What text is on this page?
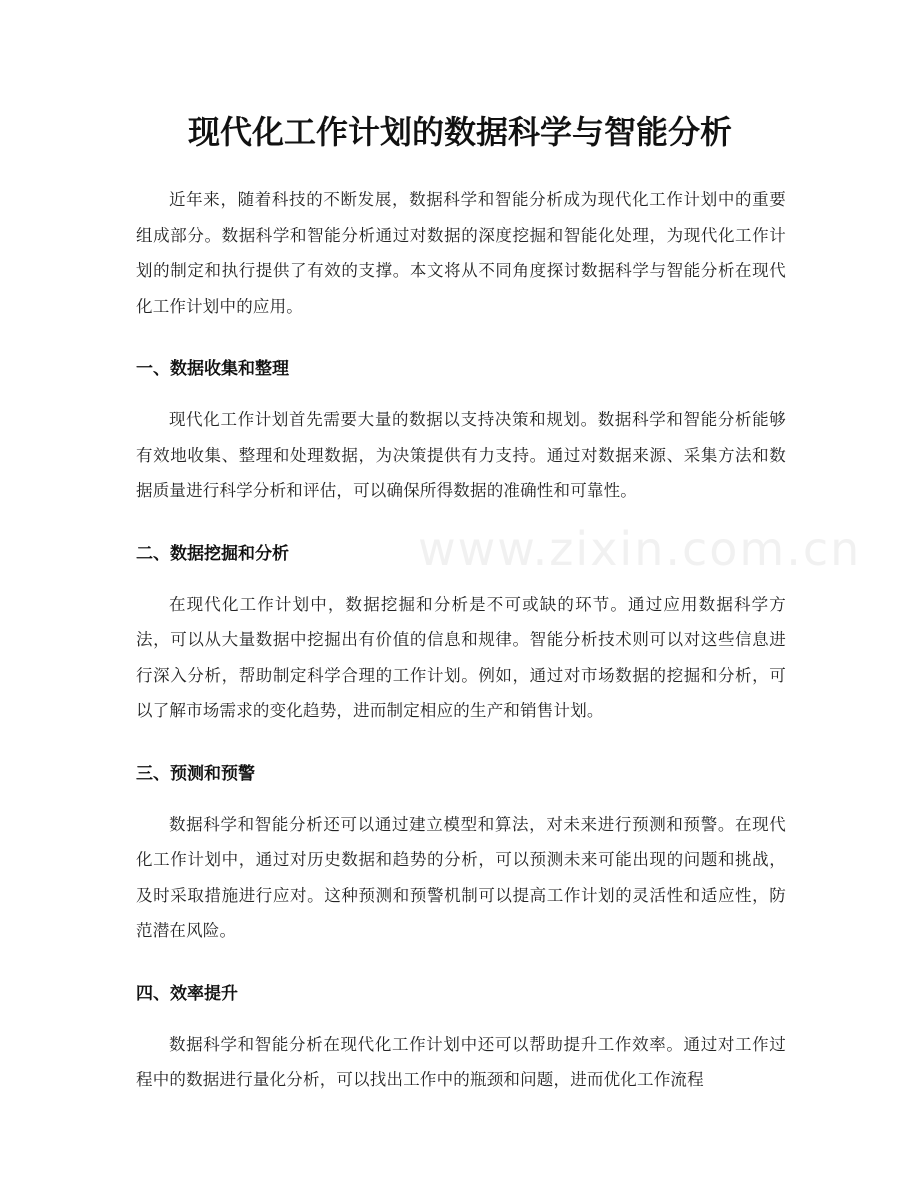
现代化工作计划的数据科学与智能分析

近年来，随着科技的不断发展，数据科学和智能分析成为现代化工作计划中的重要组成部分。数据科学和智能分析通过对数据的深度挖掘和智能化处理，为现代化工作计划的制定和执行提供了有效的支撑。本文将从不同角度探讨数据科学与智能分析在现代化工作计划中的应用。

一、数据收集和整理

现代化工作计划首先需要大量的数据以支持决策和规划。数据科学和智能分析能够有效地收集、整理和处理数据，为决策提供有力支持。通过对数据来源、采集方法和数据质量进行科学分析和评估，可以确保所得数据的准确性和可靠性。

二、数据挖掘和分析

在现代化工作计划中，数据挖掘和分析是不可或缺的环节。通过应用数据科学方法，可以从大量数据中挖掘出有价值的信息和规律。智能分析技术则可以对这些信息进行深入分析，帮助制定科学合理的工作计划。例如，通过对市场数据的挖掘和分析，可以了解市场需求的变化趋势，进而制定相应的生产和销售计划。

三、预测和预警

数据科学和智能分析还可以通过建立模型和算法，对未来进行预测和预警。在现代化工作计划中，通过对历史数据和趋势的分析，可以预测未来可能出现的问题和挑战，及时采取措施进行应对。这种预测和预警机制可以提高工作计划的灵活性和适应性，防范潜在风险。

四、效率提升

数据科学和智能分析在现代化工作计划中还可以帮助提升工作效率。通过对工作过程中的数据进行量化分析，可以找出工作中的瓶颈和问题，进而优化工作流程

www.zixin.com.cn
